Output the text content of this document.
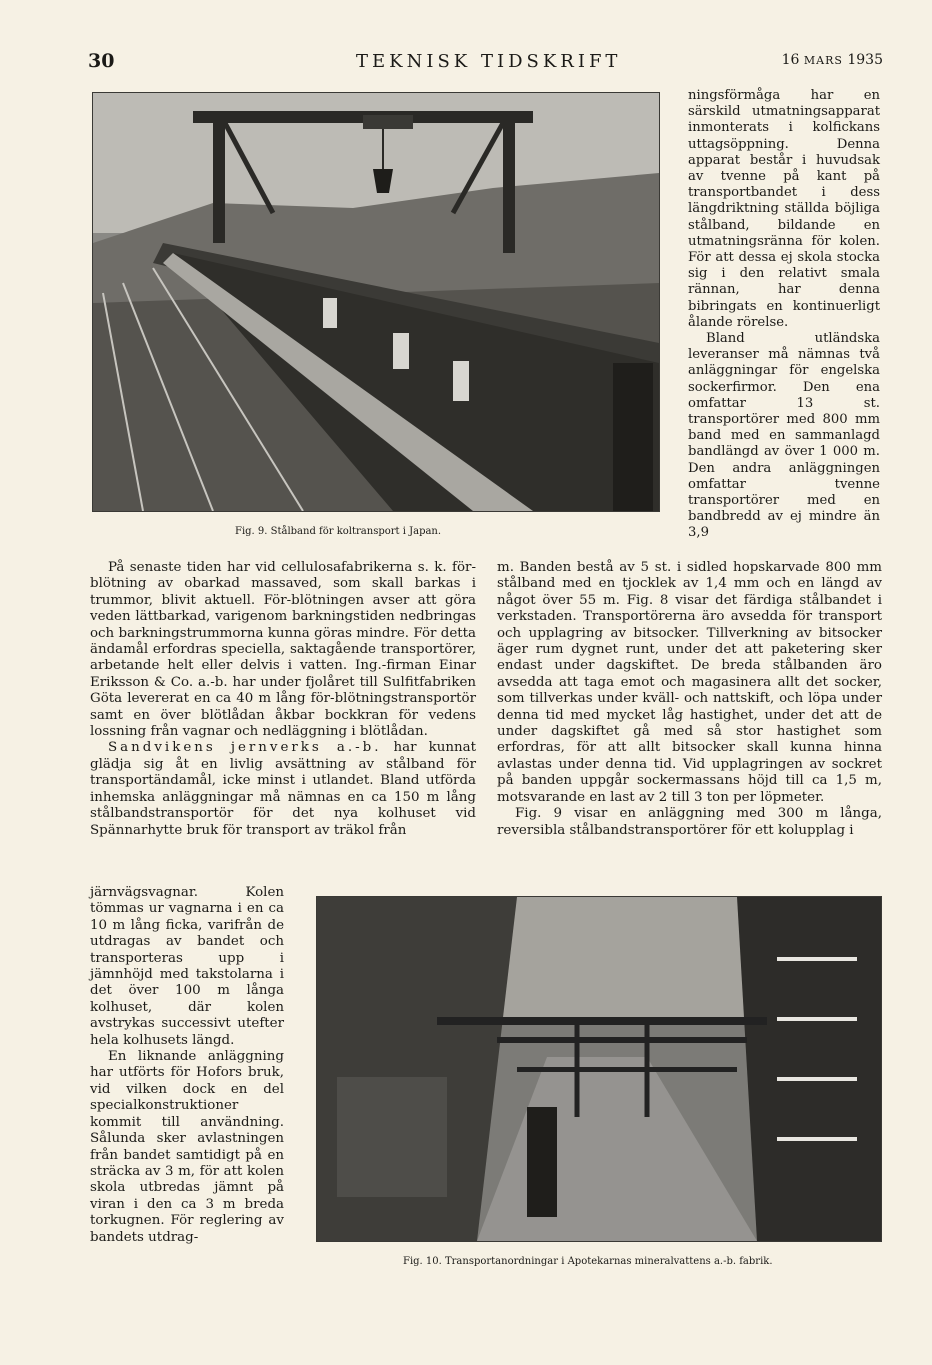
30	TEKNISK TIDSKRIFT	16 MARS 1935
Fig. 9. Stålband för koltransport i Japan.

ningsförmåga har en särskild utmatningsapparat inmonterats i kolfickans uttagsöppning. Denna apparat består i huvudsak av tvenne på kant på transportbandet i dess längdriktning ställda böjliga stålband, bildande en utmatningsränna för kolen. För att dessa ej skola stocka sig i den relativt smala rännan, har denna bibringats en kontinuerligt ålande rörelse.

Bland utländska leveranser må nämnas två anläggningar för engelska sockerfirmor. Den ena omfattar 13 st. transportörer med 800 mm band med en sammanlagd bandlängd av över 1 000 m. Den andra anläggningen omfattar tvenne transportörer med en bandbredd av ej mindre än 3,9

På senaste tiden har vid cellulosafabrikerna s. k. för-blötning av obarkad massaved, som skall barkas i trummor, blivit aktuell. För-blötningen avser att göra veden lättbarkad, varigenom barkningstiden nedbringas och barkningstrummorna kunna göras mindre. För detta ändamål erfordras speciella, saktagående transportörer, arbetande helt eller delvis i vatten. Ing.-firman Einar Eriksson & Co. a.-b. har under fjolåret till Sulfitfabriken Göta levererat en ca 40 m lång för-blötningstransportör samt en över blötlådan åkbar bockkran för vedens lossning från vagnar och nedläggning i blötlådan.

Sandvikens jernverks a.-b. har kunnat glädja sig åt en livlig avsättning av stålband för transportändamål, icke minst i utlandet. Bland utförda inhemska anläggningar må nämnas en ca 150 m lång stålbandstransportör för det nya kolhuset vid Spännarhytte bruk för transport av träkol från

järnvägsvagnar. Kolen tömmas ur vagnarna i en ca 10 m lång ficka, varifrån de utdragas av bandet och transporteras upp i jämnhöjd med takstolarna i det över 100 m långa kolhuset, där kolen avstrykas successivt utefter hela kolhusets längd.

En liknande anläggning har utförts för Hofors bruk, vid vilken dock en del specialkonstruktioner kommit till användning. Sålunda sker avlastningen från bandet samtidigt på en sträcka av 3 m, för att kolen skola utbredas jämnt på viran i den ca 3 m breda torkugnen. För reglering av bandets utdrag-

m. Banden bestå av 5 st. i sidled hopskarvade 800 mm stålband med en tjocklek av 1,4 mm och en längd av något över 55 m. Fig. 8 visar det färdiga stålbandet i verkstaden. Transportörerna äro avsedda för transport och upplagring av bitsocker. Tillverkning av bitsocker äger rum dygnet runt, under det att paketering sker endast under dagskiftet. De breda stålbanden äro avsedda att taga emot och magasinera allt det socker, som tillverkas under kväll- och nattskift, och löpa under denna tid med mycket låg hastighet, under det att de under dagskiftet gå med så stor hastighet som erfordras, för att allt bitsocker skall kunna hinna avlastas under denna tid. Vid upplagringen av sockret på banden uppgår sockermassans höjd till ca 1,5 m, motsvarande en last av 2 till 3 ton per löpmeter.

Fig. 9 visar en anläggning med 300 m långa, reversibla stålbandstransportörer för ett kolupplag i

Fig. 10. Transportanordningar i Apotekarnas mineralvattens a.-b. fabrik.
